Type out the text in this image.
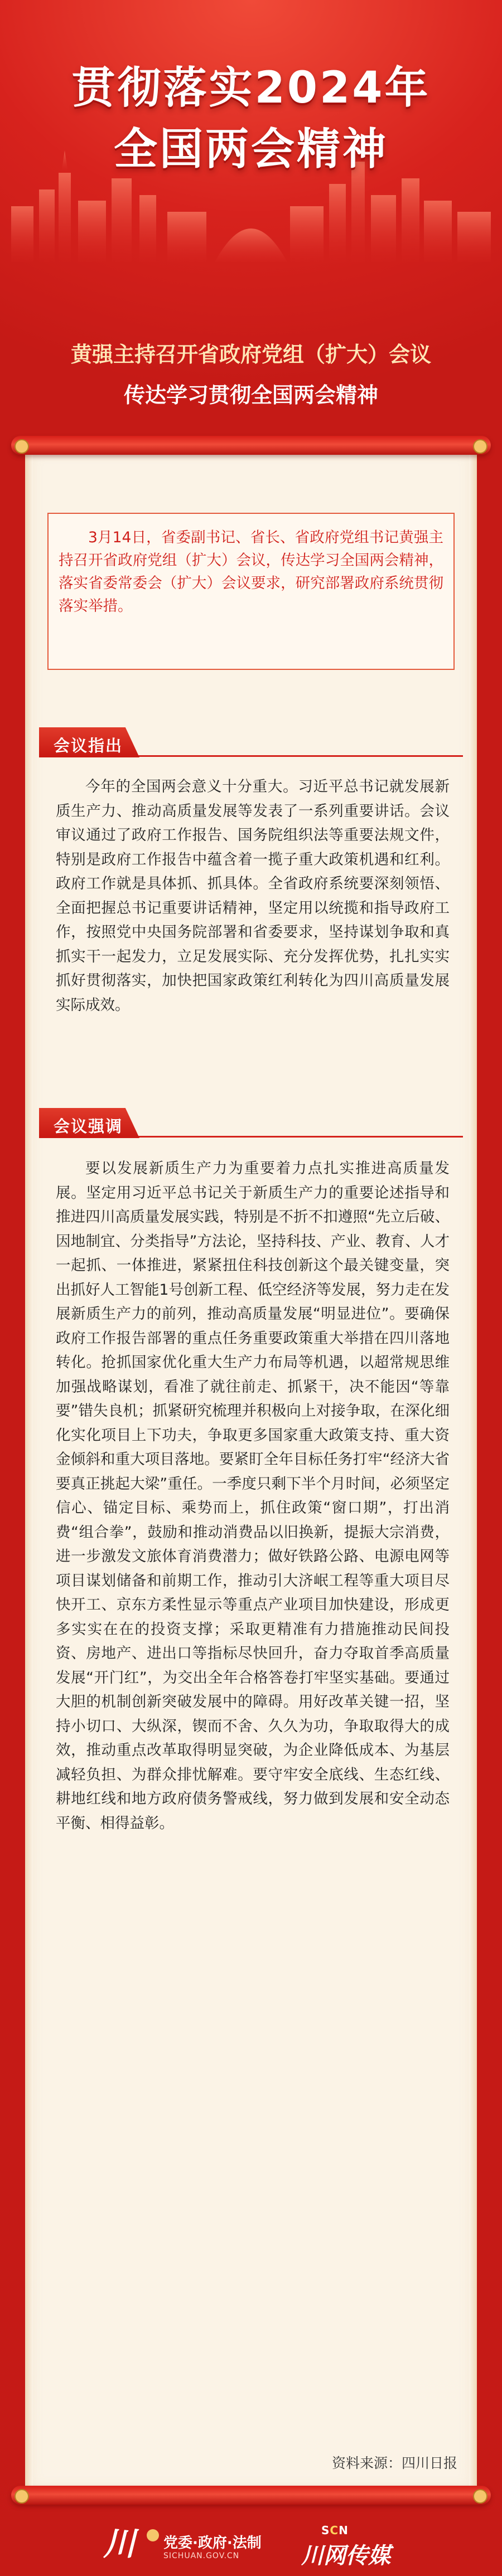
贯彻落实2024年
全国两会精神
黄强主持召开省政府党组（扩大）会议
传达学习贯彻全国两会精神
3月14日，省委副书记、省长、省政府党组书记黄强主持召开省政府党组（扩大）会议，传达学习全国两会精神，落实省委常委会（扩大）会议要求，研究部署政府系统贯彻落实举措。
会议指出
今年的全国两会意义十分重大。习近平总书记就发展新质生产力、推动高质量发展等发表了一系列重要讲话。会议审议通过了政府工作报告、国务院组织法等重要法规文件，特别是政府工作报告中蕴含着一揽子重大政策机遇和红利。政府工作就是具体抓、抓具体。全省政府系统要深刻领悟、全面把握总书记重要讲话精神，坚定用以统揽和指导政府工作，按照党中央国务院部署和省委要求，坚持谋划争取和真抓实干一起发力，立足发展实际、充分发挥优势，扎扎实实抓好贯彻落实，加快把国家政策红利转化为四川高质量发展实际成效。
会议强调
要以发展新质生产力为重要着力点扎实推进高质量发展。坚定用习近平总书记关于新质生产力的重要论述指导和推进四川高质量发展实践，特别是不折不扣遵照“先立后破、因地制宜、分类指导”方法论，坚持科技、产业、教育、人才一起抓、一体推进，紧紧扭住科技创新这个最关键变量，突出抓好人工智能1号创新工程、低空经济等发展，努力走在发展新质生产力的前列，推动高质量发展“明显进位”。要确保政府工作报告部署的重点任务重要政策重大举措在四川落地转化。抢抓国家优化重大生产力布局等机遇，以超常规思维加强战略谋划，看准了就往前走、抓紧干，决不能因“等靠要”错失良机；抓紧研究梳理并积极向上对接争取，在深化细化实化项目上下功夫，争取更多国家重大政策支持、重大资金倾斜和重大项目落地。要紧盯全年目标任务打牢“经济大省要真正挑起大梁”重任。一季度只剩下半个月时间，必须坚定信心、锚定目标、乘势而上，抓住政策“窗口期”，打出消费“组合拳”，鼓励和推动消费品以旧换新，提振大宗消费，进一步激发文旅体育消费潜力；做好铁路公路、电源电网等项目谋划储备和前期工作，推动引大济岷工程等重大项目尽快开工、京东方柔性显示等重点产业项目加快建设，形成更多实实在在的投资支撑；采取更精准有力措施推动民间投资、房地产、进出口等指标尽快回升，奋力夺取首季高质量发展“开门红”，为交出全年合格答卷打牢坚实基础。要通过大胆的机制创新突破发展中的障碍。用好改革关键一招，坚持小切口、大纵深，锲而不舍、久久为功，争取取得大的成效，推动重点改革取得明显突破，为企业降低成本、为基层减轻负担、为群众排忧解难。要守牢安全底线、生态红线、耕地红线和地方政府债务警戒线，努力做到发展和安全动态平衡、相得益彰。
资料来源：四川日报
川	党委·政府·法制
SICHUAN.GOV.CN
SCN
川网传媒
